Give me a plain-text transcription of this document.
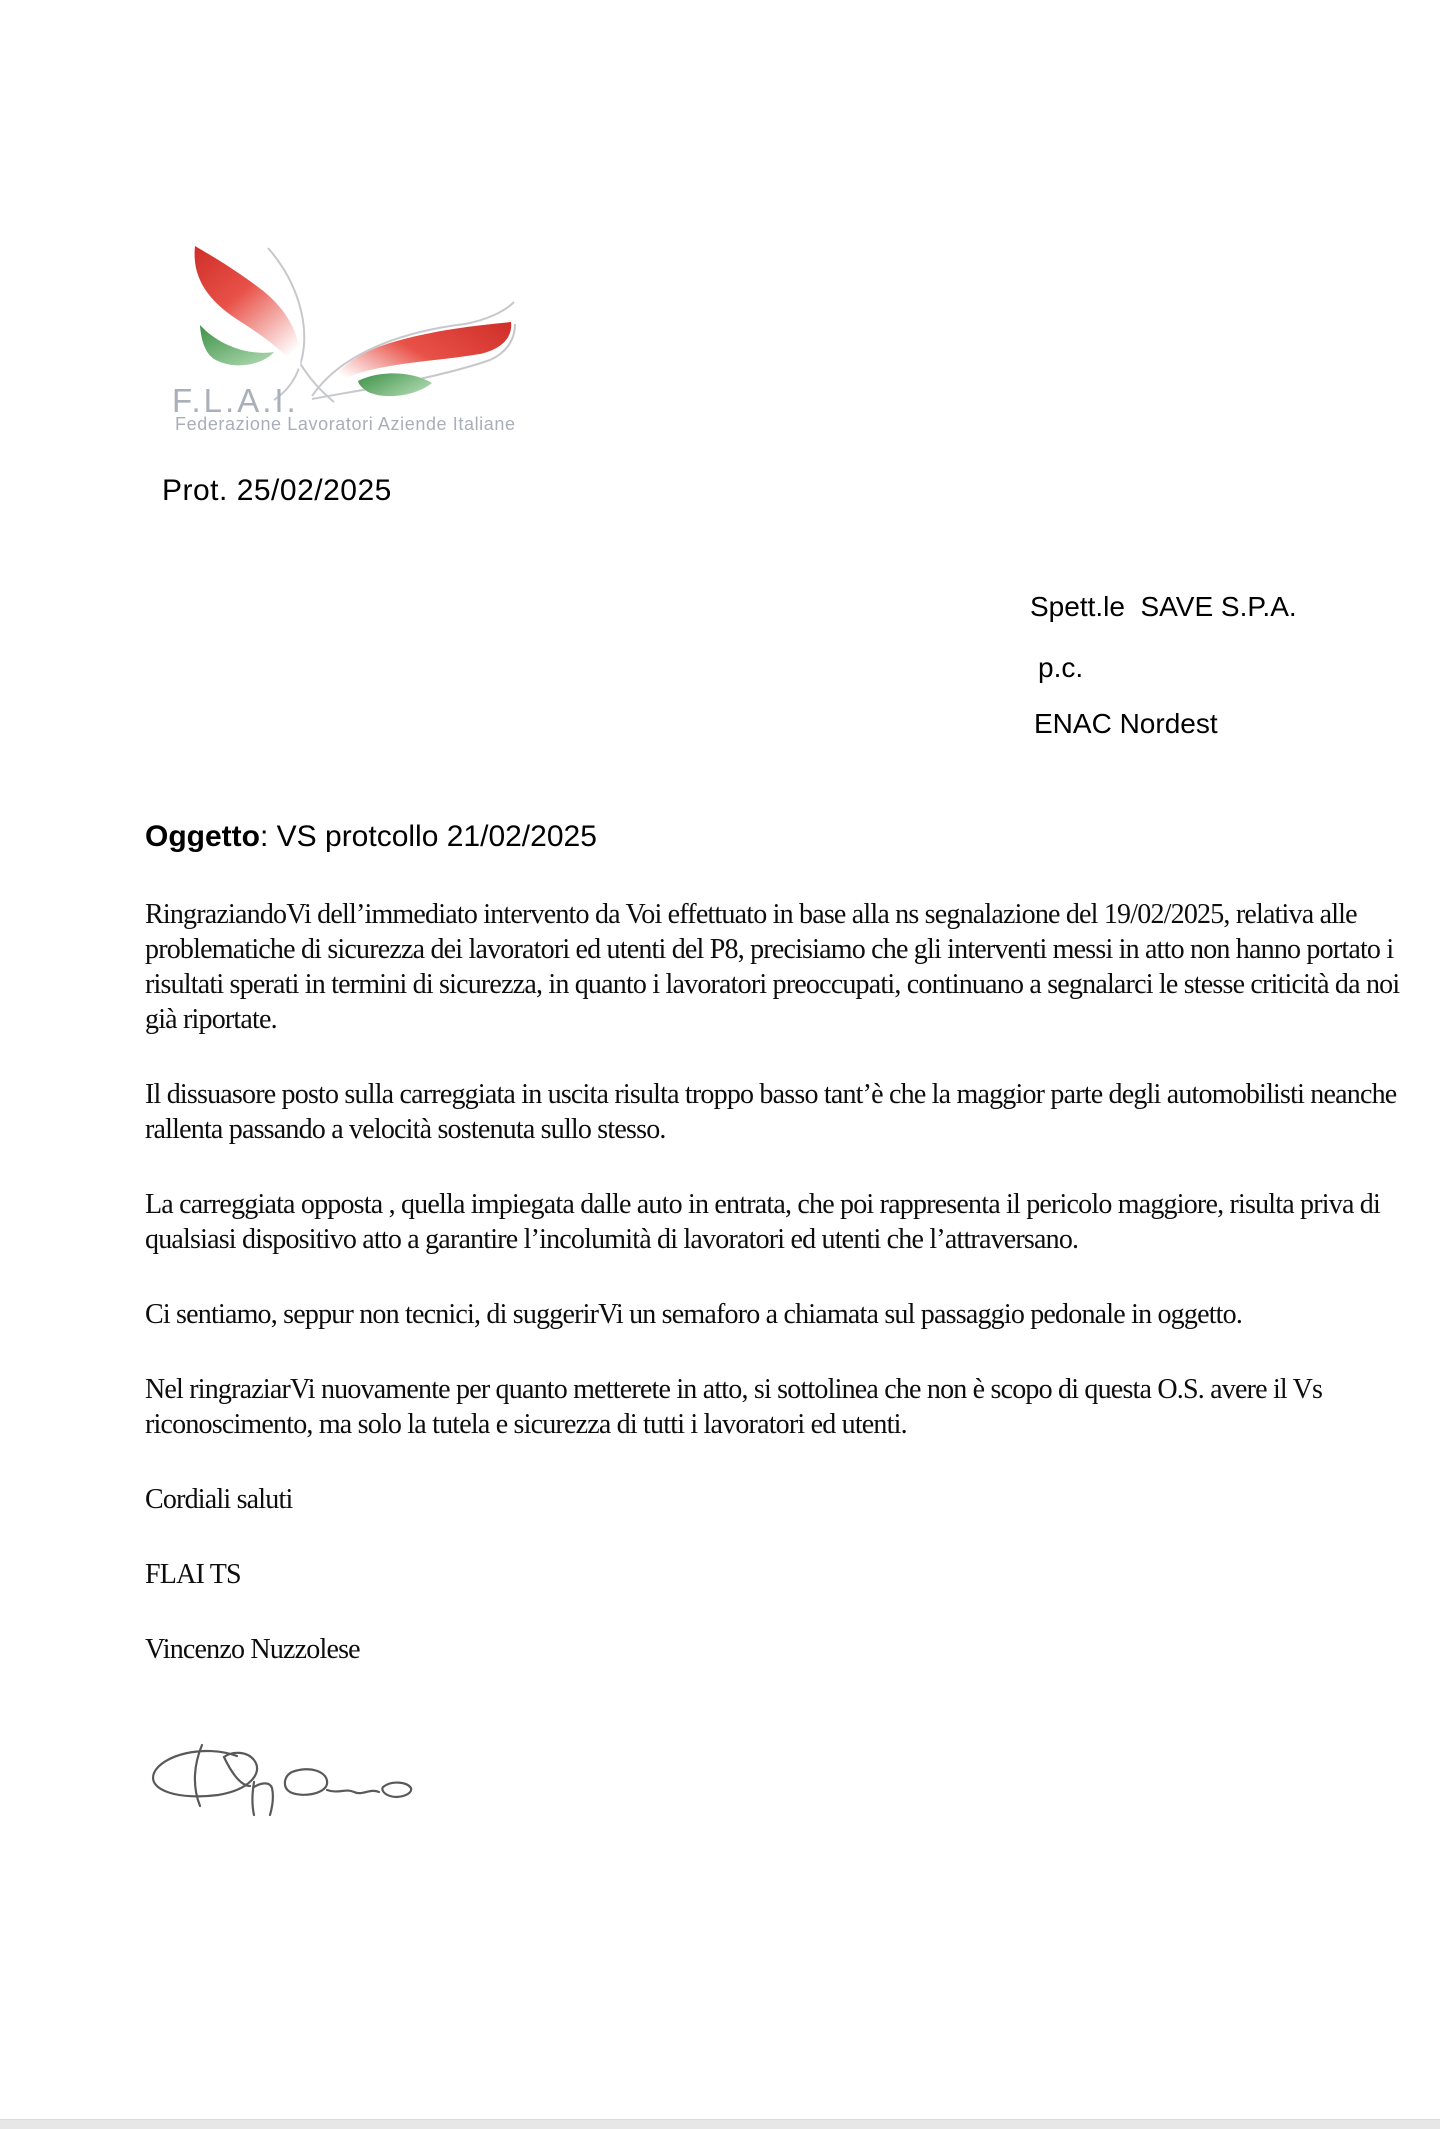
F.L.A.I.
Federazione Lavoratori Aziende Italiane
Prot. 25/02/2025
Spett.le  SAVE S.P.A.
p.c.
ENAC Nordest
Oggetto: VS protcollo 21/02/2025

RingraziandoVi dell’immediato intervento da Voi effettuato in base alla ns segnalazione del 19/02/2025, relativa alle problematiche di sicurezza dei lavoratori ed utenti del P8, precisiamo che gli interventi messi in atto non hanno portato i risultati sperati in termini di sicurezza, in quanto i lavoratori preoccupati, continuano a segnalarci le stesse criticità da noi già riportate.

Il dissuasore posto sulla carreggiata in uscita risulta troppo basso tant’è che la maggior parte degli automobilisti neanche rallenta passando a velocità sostenuta sullo stesso.

La carreggiata opposta , quella impiegata dalle auto in entrata, che poi rappresenta il pericolo maggiore, risulta priva di qualsiasi dispositivo atto a garantire l’incolumità di lavoratori ed utenti che l’attraversano.

Ci sentiamo, seppur non tecnici, di suggerirVi un semaforo a chiamata sul passaggio pedonale in oggetto.

Nel ringraziarVi nuovamente per quanto metterete in atto, si sottolinea che non è scopo di questa O.S. avere il Vs riconoscimento, ma solo la tutela e sicurezza di tutti i lavoratori ed utenti.

Cordiali saluti

FLAI TS

Vincenzo Nuzzolese
